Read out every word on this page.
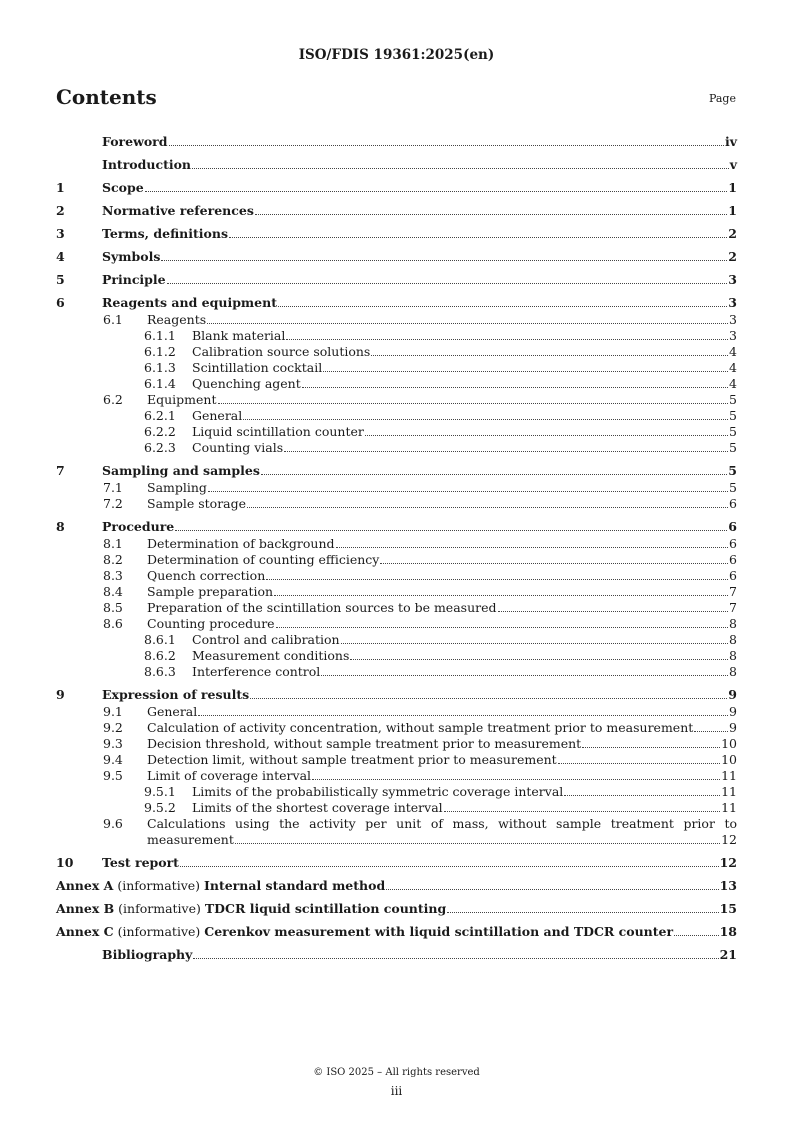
ISO/FDIS 19361:2025(en)
Contents	Page
Foreword	iv
Introduction	v
1	Scope	1
2	Normative references	1
3	Terms, definitions	2
4	Symbols	2
5	Principle	3
6	Reagents and equipment	3
6.1	Reagents	3
6.1.1	Blank material	3
6.1.2	Calibration source solutions	4
6.1.3	Scintillation cocktail	4
6.1.4	Quenching agent	4
6.2	Equipment	5
6.2.1	General	5
6.2.2	Liquid scintillation counter	5
6.2.3	Counting vials	5
7	Sampling and samples	5
7.1	Sampling	5
7.2	Sample storage	6
8	Procedure	6
8.1	Determination of background	6
8.2	Determination of counting efficiency	6
8.3	Quench correction	6
8.4	Sample preparation	7
8.5	Preparation of the scintillation sources to be measured	7
8.6	Counting procedure	8
8.6.1	Control and calibration	8
8.6.2	Measurement conditions	8
8.6.3	Interference control	8
9	Expression of results	9
9.1	General	9
9.2	Calculation of activity concentration, without sample treatment prior to measurement	9
9.3	Decision threshold, without sample treatment prior to measurement	10
9.4	Detection limit, without sample treatment prior to measurement	10
9.5	Limit of coverage interval	11
9.5.1	Limits of the probabilistically symmetric coverage interval	11
9.5.2	Limits of the shortest coverage interval	11
9.6	Calculations using the activity per unit of mass, without sample treatment prior to
measurement	12
10	Test report	12
Annex A (informative) Internal standard method	13
Annex B (informative) TDCR liquid scintillation counting	15
Annex C (informative) Cerenkov measurement with liquid scintillation and TDCR counter	18
Bibliography	21
© ISO 2025 – All rights reserved
iii
